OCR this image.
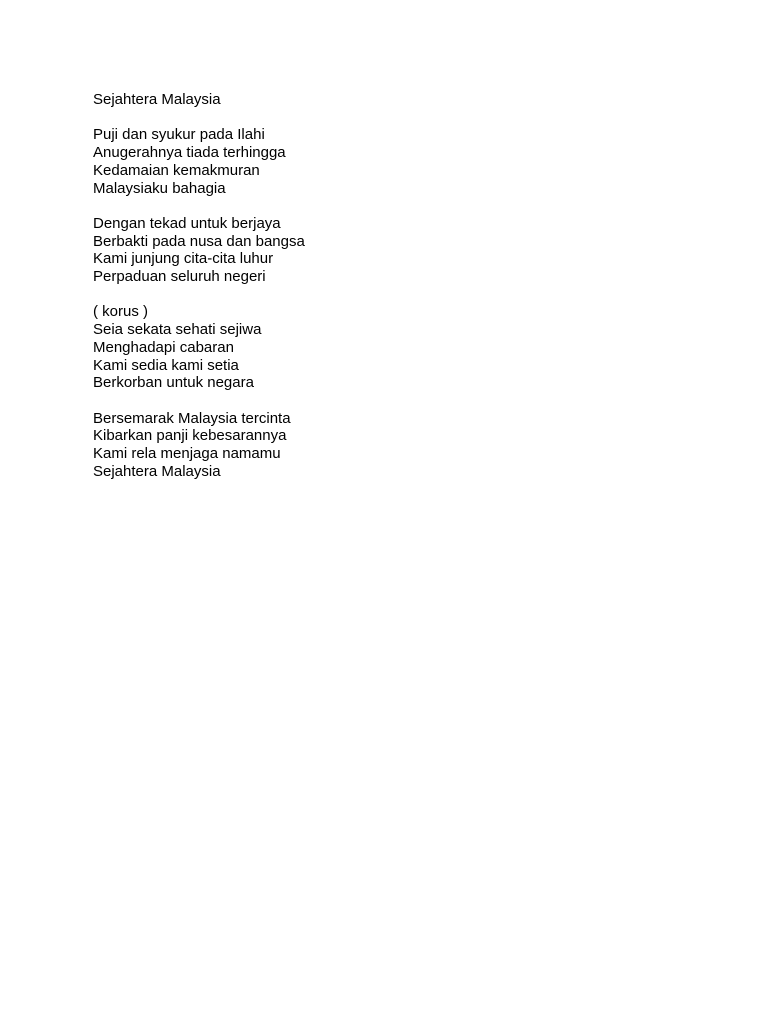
Sejahtera Malaysia
Puji dan syukur pada Ilahi
Anugerahnya tiada terhingga
Kedamaian kemakmuran
Malaysiaku bahagia
Dengan tekad untuk berjaya
Berbakti pada nusa dan bangsa
Kami junjung cita-cita luhur
Perpaduan seluruh negeri
( korus )
Seia sekata sehati sejiwa
Menghadapi cabaran
Kami sedia kami setia
Berkorban untuk negara
Bersemarak Malaysia tercinta
Kibarkan panji kebesarannya
Kami rela menjaga namamu
Sejahtera Malaysia
